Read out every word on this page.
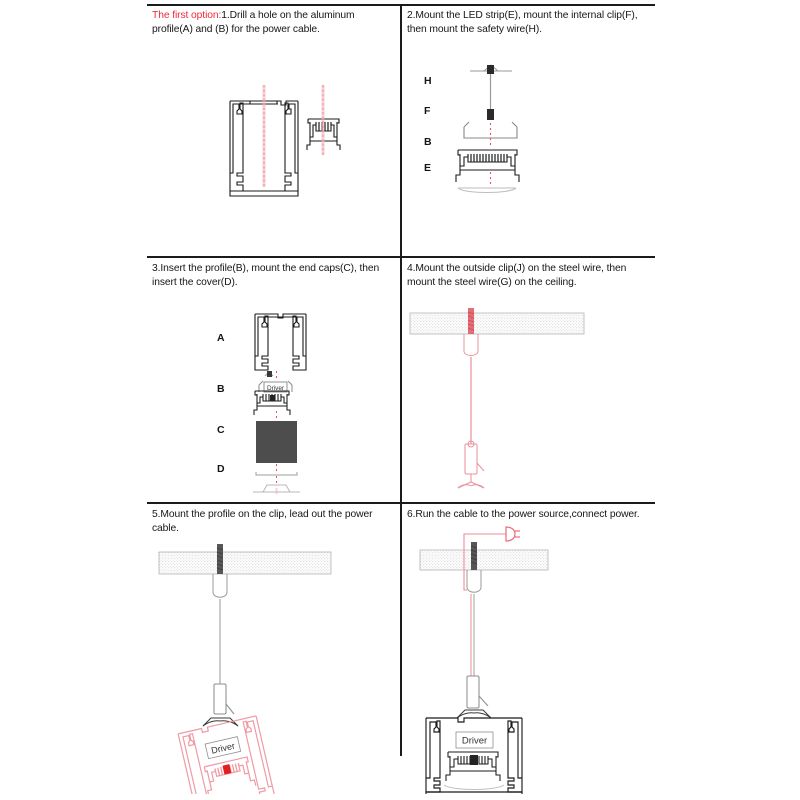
The first option:1.Drill a hole on the aluminum profile(A) and (B) for the power cable.
2.Mount the LED strip(E), mount the internal clip(F), then mount the safety wire(H).
H
F
B
E
3.Insert the profile(B), mount the end caps(C), then insert the cover(D).
A
B
C
D
Driver
4.Mount the outside clip(J) on the steel wire, then mount the steel wire(G) on the ceiling.
5.Mount the profile on the clip, lead out the power cable.
Driver
6.Run the cable to the power source,connect power.
Driver
